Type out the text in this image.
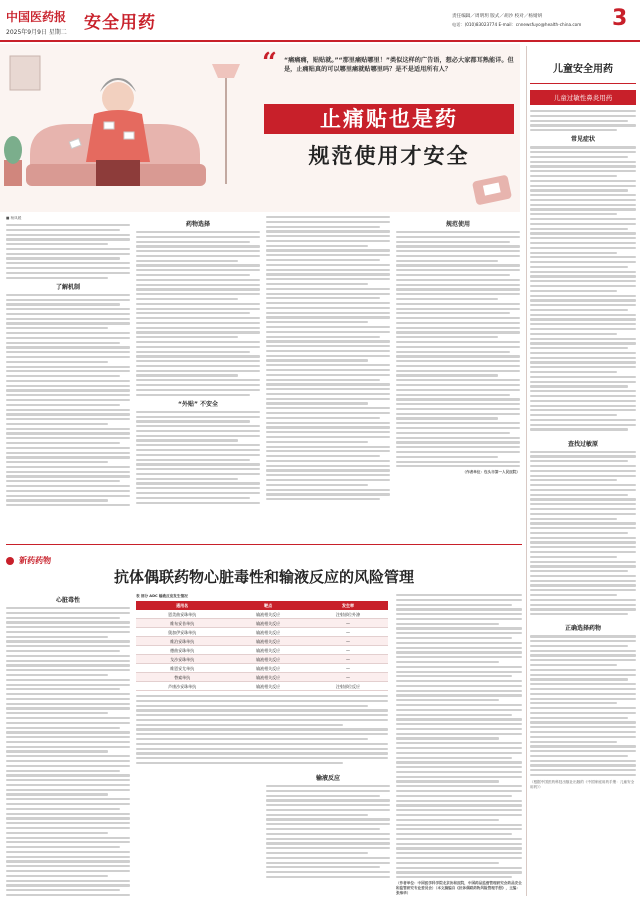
中国医药报
2025年9月9日 星期二 安全用药	责任编辑／周明玥 版式／胡沙 校对／杨婧妍
电话：(010)83023774 E-mail：cnnewsfuyo@health-china.com	3
“ “痛痛痛，贴贴就。”“那里痛贴哪里！”类似这样的广告语，想必大家都耳熟能详。但是，止痛贴真的可以哪里痛就贴哪里吗？是不是适用所有人？
止痛贴也是药
规范使用才安全
■ 杨凤媛
了解机制
药物选择
“外贴” 不安全
规范使用
（作者单位：包头市第一人民医院）
儿童安全用药
儿童过敏性鼻炎用药
常见症状
查找过敏原
正确选择药物
（根据中国医药科技出版社出版的《中国家庭用药手册：儿童安全用药》）
新药药物
抗体偶联药物心脏毒性和输液反应的风险管理
心脏毒性
表 部分 ADC 输液反应发生情况
通用名	靶点	发生率
恩美曲妥珠单抗	输液相关反应	注射部位外渗
维布妥昔单抗	输液相关反应	—
奥加伊妥珠单抗	输液相关反应	—
维泊妥珠单抗	输液相关反应	—
德曲妥珠单抗	输液相关反应	—
戈沙妥珠单抗	输液相关反应	—
维恩妥尤单抗	输液相关反应	—
替索单抗	输液相关反应	—
芦康沙妥珠单抗	输液相关反应	注射部位反应
输液反应
（作者单位：中国医学科学院北京协和医院，中国药品监督管理研究会药品安全和监管研究专业委员会）（本文摘编自《抗体偶联药物风险管理手册》，主编：张维华）
